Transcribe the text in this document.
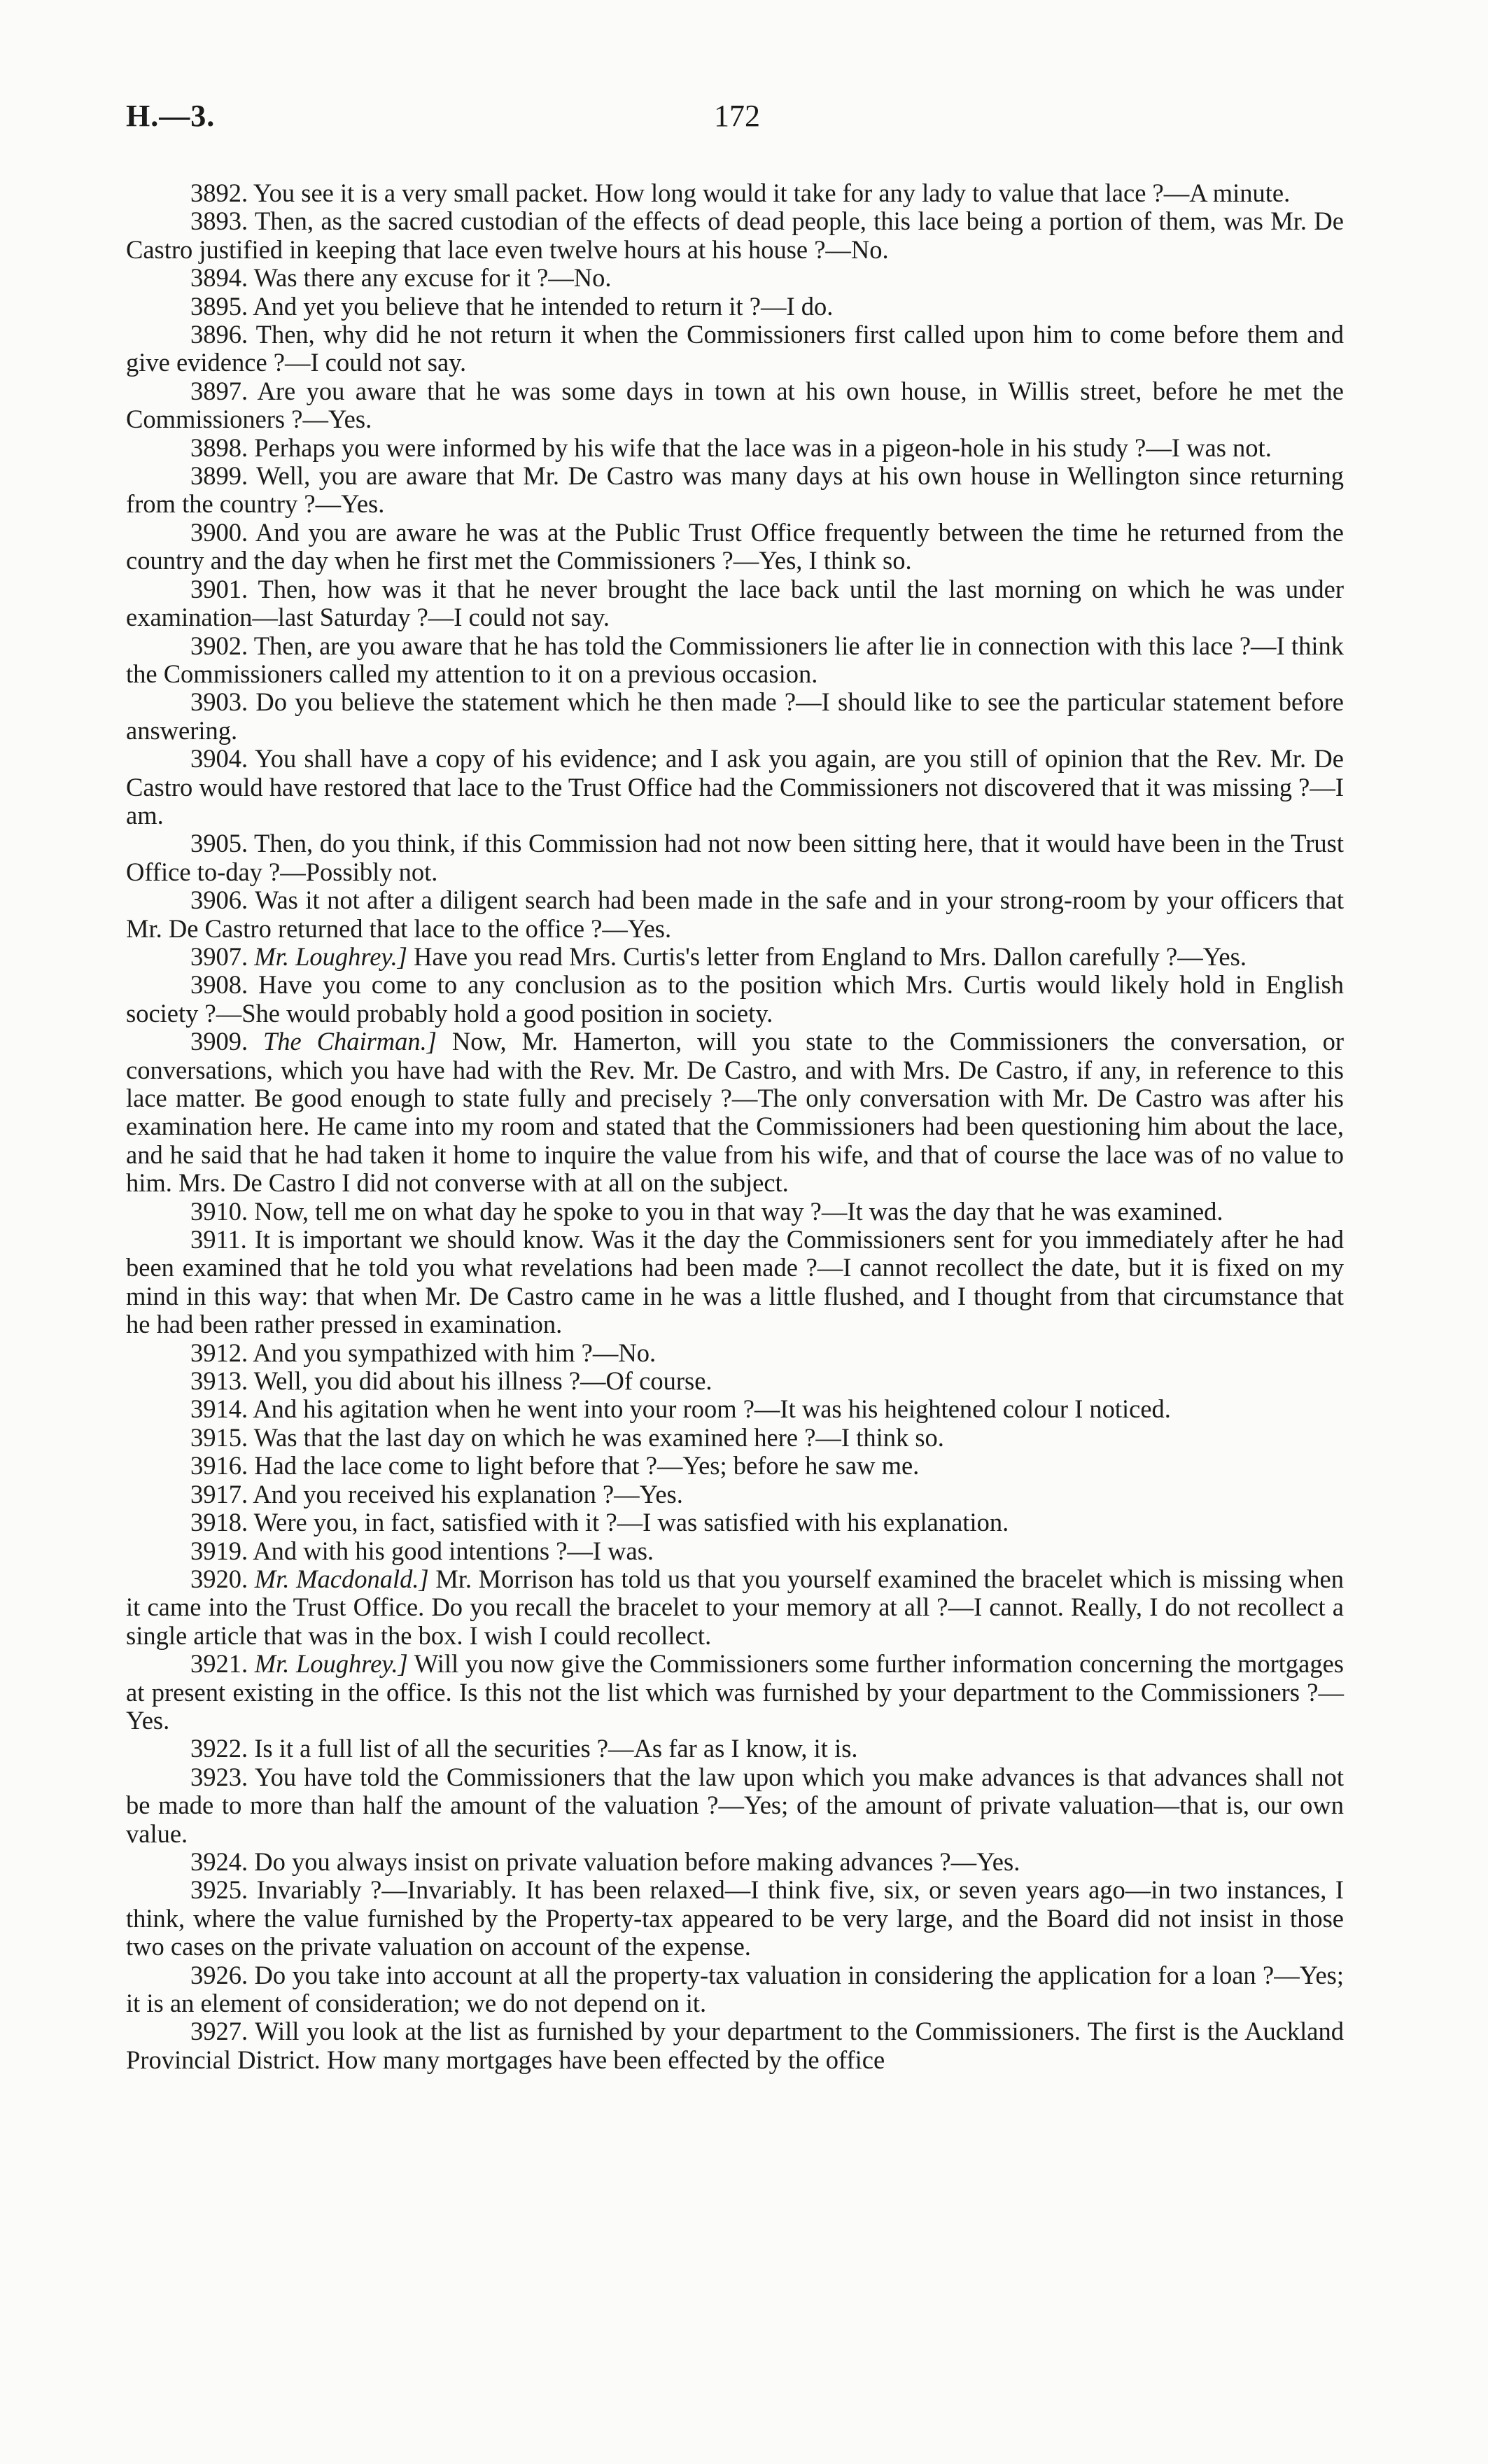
H.—3.	172

3892. You see it is a very small packet. How long would it take for any lady to value that lace ?—A minute.

3893. Then, as the sacred custodian of the effects of dead people, this lace being a portion of them, was Mr. De Castro justified in keeping that lace even twelve hours at his house ?—No.

3894. Was there any excuse for it ?—No.

3895. And yet you believe that he intended to return it ?—I do.

3896. Then, why did he not return it when the Commissioners first called upon him to come before them and give evidence ?—I could not say.

3897. Are you aware that he was some days in town at his own house, in Willis street, before he met the Commissioners ?—Yes.

3898. Perhaps you were informed by his wife that the lace was in a pigeon-hole in his study ?—I was not.

3899. Well, you are aware that Mr. De Castro was many days at his own house in Wellington since returning from the country ?—Yes.

3900. And you are aware he was at the Public Trust Office frequently between the time he returned from the country and the day when he first met the Commissioners ?—Yes, I think so.

3901. Then, how was it that he never brought the lace back until the last morning on which he was under examination—last Saturday ?—I could not say.

3902. Then, are you aware that he has told the Commissioners lie after lie in connection with this lace ?—I think the Commissioners called my attention to it on a previous occasion.

3903. Do you believe the statement which he then made ?—I should like to see the particular statement before answering.

3904. You shall have a copy of his evidence; and I ask you again, are you still of opinion that the Rev. Mr. De Castro would have restored that lace to the Trust Office had the Commissioners not discovered that it was missing ?—I am.

3905. Then, do you think, if this Commission had not now been sitting here, that it would have been in the Trust Office to-day ?—Possibly not.

3906. Was it not after a diligent search had been made in the safe and in your strong-room by your officers that Mr. De Castro returned that lace to the office ?—Yes.

3907. Mr. Loughrey.] Have you read Mrs. Curtis's letter from England to Mrs. Dallon carefully ?—Yes.

3908. Have you come to any conclusion as to the position which Mrs. Curtis would likely hold in English society ?—She would probably hold a good position in society.

3909. The Chairman.] Now, Mr. Hamerton, will you state to the Commissioners the conversation, or conversations, which you have had with the Rev. Mr. De Castro, and with Mrs. De Castro, if any, in reference to this lace matter. Be good enough to state fully and precisely ?—The only conversation with Mr. De Castro was after his examination here. He came into my room and stated that the Commissioners had been questioning him about the lace, and he said that he had taken it home to inquire the value from his wife, and that of course the lace was of no value to him. Mrs. De Castro I did not converse with at all on the subject.

3910. Now, tell me on what day he spoke to you in that way ?—It was the day that he was examined.

3911. It is important we should know. Was it the day the Commissioners sent for you immediately after he had been examined that he told you what revelations had been made ?—I cannot recollect the date, but it is fixed on my mind in this way: that when Mr. De Castro came in he was a little flushed, and I thought from that circumstance that he had been rather pressed in examination.

3912. And you sympathized with him ?—No.

3913. Well, you did about his illness ?—Of course.

3914. And his agitation when he went into your room ?—It was his heightened colour I noticed.

3915. Was that the last day on which he was examined here ?—I think so.

3916. Had the lace come to light before that ?—Yes; before he saw me.

3917. And you received his explanation ?—Yes.

3918. Were you, in fact, satisfied with it ?—I was satisfied with his explanation.

3919. And with his good intentions ?—I was.

3920. Mr. Macdonald.] Mr. Morrison has told us that you yourself examined the bracelet which is missing when it came into the Trust Office. Do you recall the bracelet to your memory at all ?—I cannot. Really, I do not recollect a single article that was in the box. I wish I could recollect.

3921. Mr. Loughrey.] Will you now give the Commissioners some further information concerning the mortgages at present existing in the office. Is this not the list which was furnished by your department to the Commissioners ?—Yes.

3922. Is it a full list of all the securities ?—As far as I know, it is.

3923. You have told the Commissioners that the law upon which you make advances is that advances shall not be made to more than half the amount of the valuation ?—Yes; of the amount of private valuation—that is, our own value.

3924. Do you always insist on private valuation before making advances ?—Yes.

3925. Invariably ?—Invariably. It has been relaxed—I think five, six, or seven years ago—in two instances, I think, where the value furnished by the Property-tax appeared to be very large, and the Board did not insist in those two cases on the private valuation on account of the expense.

3926. Do you take into account at all the property-tax valuation in considering the application for a loan ?—Yes; it is an element of consideration; we do not depend on it.

3927. Will you look at the list as furnished by your department to the Commissioners. The first is the Auckland Provincial District. How many mortgages have been effected by the office
